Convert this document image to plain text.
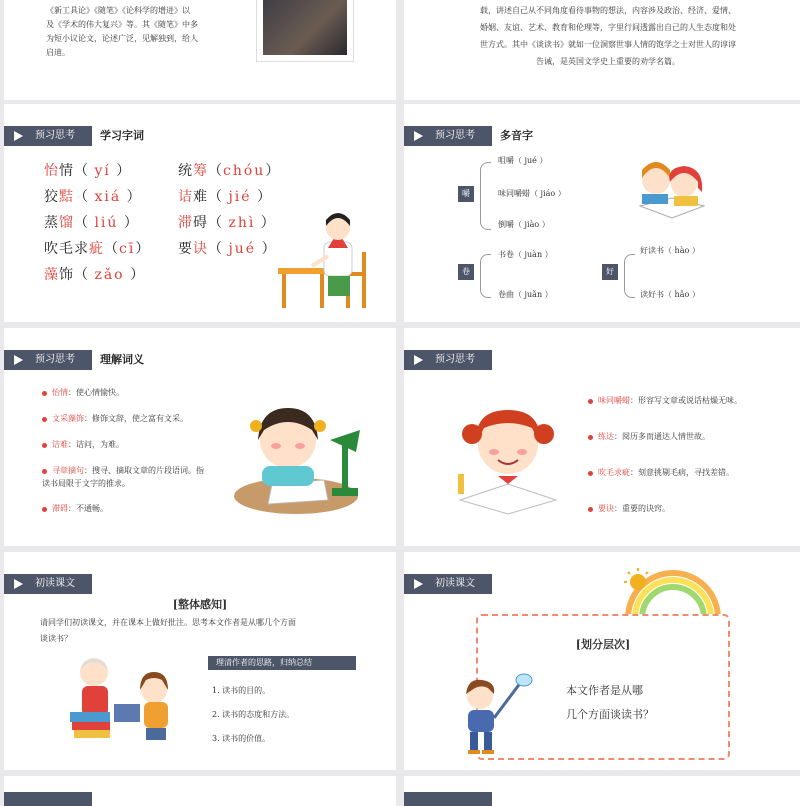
《新工具论》《随笔》《论科学的增进》以
及《学术的伟大复兴》等。其《随笔》中多
为短小议论文，论述广泛，见解独到，给人
启迪。
载，讲述自己从不同角度看待事物的想法，内容涉及政治、经济、爱情、
婚姻、友谊、艺术、教育和伦理等，字里行间透露出自己的人生态度和处
世方式。其中《谈读书》就如一位洞察世事人情的饱学之士对世人的谆谆
告诫，是英国文学史上重要的劝学名篇。
预习思考 学习字词
怡情（ yí ）
狡黠（ xiá ）
蒸馏（ liú ）
吹毛求疵（cī）
藻饰（ zǎo ）
统筹（chóu）
诘难（ jié ）
滞碍（ zhì ）
要诀（ jué ）
预习思考 多音字
嚼
咀嚼（ jué ）
味同嚼蜡（ jiáo ）
倒嚼（ jiào ）
卷
书卷（ juàn ）
卷曲（ juǎn ）
好
好读书（ hào ）
读好书（ hǎo ）
预习思考 理解词义
怡情：使心情愉快。
文采藻饰：修饰文辞，使之富有文采。
诘难：诘问，为难。
寻章摘句：搜寻、摘取文章的片段语词。指读书局限于文字的推求。
滞碍：不通畅。
预习思考
味同嚼蜡：形容写文章或说话枯燥无味。
练达：阅历多而通达人情世故。
吹毛求疵：刻意挑剔毛病，寻找差错。
要诀：重要的诀窍。
初读课文
[整体感知]
请同学们初读课文，并在课本上做好批注。思考本文作者是从哪几个方面
谈读书？
理清作者的思路，归纳总结
1. 读书的目的。
2. 读书的态度和方法。
3. 读书的价值。
初读课文
[划分层次]
本文作者是从哪
几个方面谈读书？
